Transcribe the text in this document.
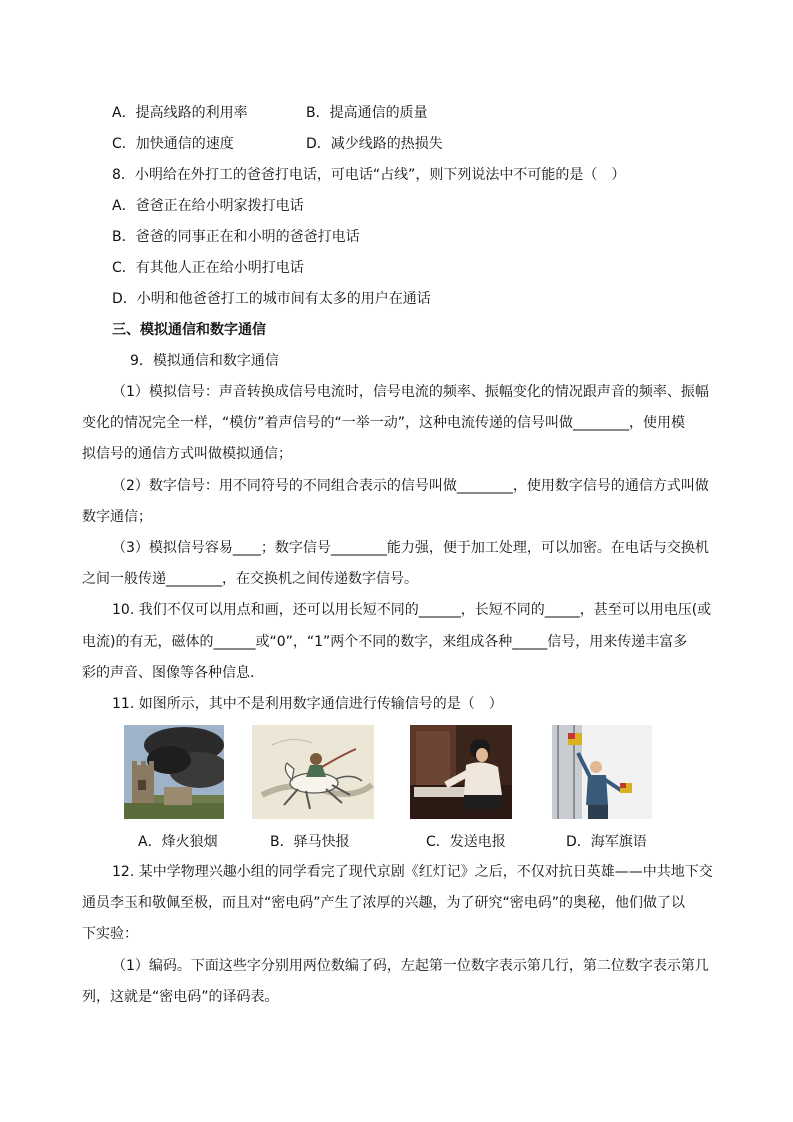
A．提高线路的利用率	B．提高通信的质量
C．加快通信的速度	D．减少线路的热损失
8．小明给在外打工的爸爸打电话，可电话“占线”，则下列说法中不可能的是（　）
A．爸爸正在给小明家拨打电话
B．爸爸的同事正在和小明的爸爸打电话
C．有其他人正在给小明打电话
D．小明和他爸爸打工的城市间有太多的用户在通话
三、模拟通信和数字通信
9．模拟通信和数字通信
（1）模拟信号：声音转换成信号电流时，信号电流的频率、振幅变化的情况跟声音的频率、振幅
变化的情况完全一样，“模仿”着声信号的“一举一动”，这种电流传递的信号叫做________，使用模
拟信号的通信方式叫做模拟通信；
（2）数字信号：用不同符号的不同组合表示的信号叫做________，使用数字信号的通信方式叫做
数字通信；
（3）模拟信号容易____；数字信号________能力强，便于加工处理，可以加密。在电话与交换机
之间一般传递________，在交换机之间传递数字信号。
10. 我们不仅可以用点和画，还可以用长短不同的______，长短不同的_____，甚至可以用电压(或
电流)的有无，磁体的______或“0”，“1”两个不同的数字，来组成各种_____信号，用来传递丰富多
彩的声音、图像等各种信息．
11. 如图所示，其中不是利用数字通信进行传输信号的是（　）
A．烽火狼烟	B．驿马快报	C．发送电报	D．海军旗语
12. 某中学物理兴趣小组的同学看完了现代京剧《红灯记》之后，不仅对抗日英雄——中共地下交
通员李玉和敬佩至极，而且对“密电码”产生了浓厚的兴趣，为了研究“密电码”的奥秘，他们做了以
下实验：
（1）编码。下面这些字分别用两位数编了码，左起第一位数字表示第几行，第二位数字表示第几
列，这就是“密电码”的译码表。
